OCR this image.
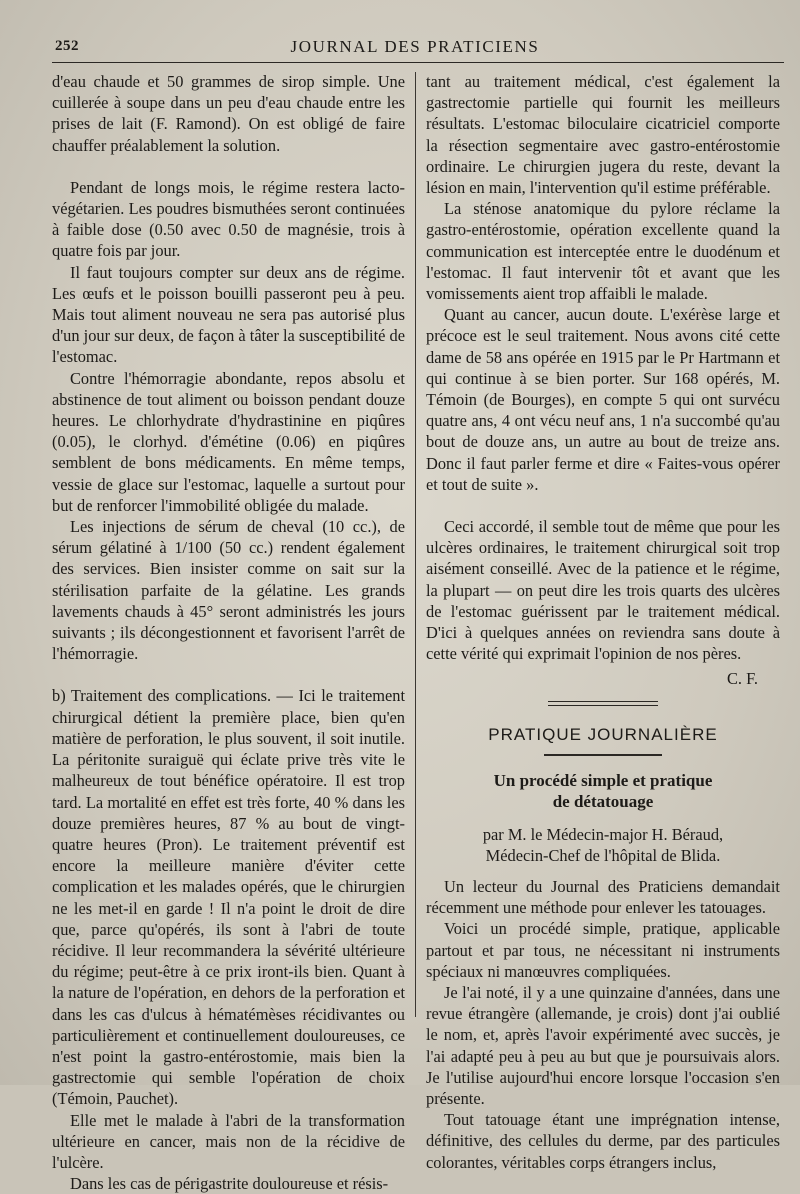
252	JOURNAL DES PRATICIENS

d'eau chaude et 50 grammes de sirop simple. Une cuillerée à soupe dans un peu d'eau chaude entre les prises de lait (F. Ramond). On est obligé de faire chauffer préalablement la solution.

Pendant de longs mois, le régime restera lacto-végétarien. Les poudres bismuthées seront continuées à faible dose (0.50 avec 0.50 de magnésie, trois à quatre fois par jour.

Il faut toujours compter sur deux ans de régime. Les œufs et le poisson bouilli passeront peu à peu. Mais tout aliment nouveau ne sera pas autorisé plus d'un jour sur deux, de façon à tâter la susceptibilité de l'estomac.

Contre l'hémorragie abondante, repos absolu et abstinence de tout aliment ou boisson pendant douze heures. Le chlorhydrate d'hydrastinine en piqûres (0.05), le clorhyd. d'émétine (0.06) en piqûres semblent de bons médicaments. En même temps, vessie de glace sur l'estomac, laquelle a surtout pour but de renforcer l'immobilité obligée du malade.

Les injections de sérum de cheval (10 cc.), de sérum gélatiné à 1/100 (50 cc.) rendent également des services. Bien insister comme on sait sur la stérilisation parfaite de la gélatine. Les grands lavements chauds à 45° seront administrés les jours suivants ; ils décongestionnent et favorisent l'arrêt de l'hémorragie.

b) Traitement des complications. — Ici le traitement chirurgical détient la première place, bien qu'en matière de perforation, le plus souvent, il soit inutile. La péritonite suraiguë qui éclate prive très vite le malheureux de tout bénéfice opératoire. Il est trop tard. La mortalité en effet est très forte, 40 % dans les douze premières heures, 87 % au bout de vingt-quatre heures (Pron). Le traitement préventif est encore la meilleure manière d'éviter cette complication et les malades opérés, que le chirurgien ne les met-il en garde ! Il n'a point le droit de dire que, parce qu'opérés, ils sont à l'abri de toute récidive. Il leur recommandera la sévérité ultérieure du régime; peut-être à ce prix iront-ils bien. Quant à la nature de l'opération, en dehors de la perforation et dans les cas d'ulcus à hématémèses récidivantes ou particulièrement et continuellement douloureuses, ce n'est point la gastro-entérostomie, mais bien la gastrectomie qui semble l'opération de choix (Témoin, Pauchet).

Elle met le malade à l'abri de la transformation ultérieure en cancer, mais non de la récidive de l'ulcère.

Dans les cas de périgastrite douloureuse et résis-

tant au traitement médical, c'est également la gastrectomie partielle qui fournit les meilleurs résultats. L'estomac biloculaire cicatriciel comporte la résection segmentaire avec gastro-entérostomie ordinaire. Le chirurgien jugera du reste, devant la lésion en main, l'intervention qu'il estime préférable.

La sténose anatomique du pylore réclame la gastro-entérostomie, opération excellente quand la communication est interceptée entre le duodénum et l'estomac. Il faut intervenir tôt et avant que les vomissements aient trop affaibli le malade.

Quant au cancer, aucun doute. L'exérèse large et précoce est le seul traitement. Nous avons cité cette dame de 58 ans opérée en 1915 par le Pr Hartmann et qui continue à se bien porter. Sur 168 opérés, M. Témoin (de Bourges), en compte 5 qui ont survécu quatre ans, 4 ont vécu neuf ans, 1 n'a succombé qu'au bout de douze ans, un autre au bout de treize ans. Donc il faut parler ferme et dire « Faites-vous opérer et tout de suite ».

Ceci accordé, il semble tout de même que pour les ulcères ordinaires, le traitement chirurgical soit trop aisément conseillé. Avec de la patience et le régime, la plupart — on peut dire les trois quarts des ulcères de l'estomac guérissent par le traitement médical. D'ici à quelques années on reviendra sans doute à cette vérité qui exprimait l'opinion de nos pères.

C. F.

PRATIQUE JOURNALIÈRE

Un procédé simple et pratique
de détatouage

par M. le Médecin-major H. Béraud,

Médecin-Chef de l'hôpital de Blida.

Un lecteur du Journal des Praticiens demandait récemment une méthode pour enlever les tatouages.

Voici un procédé simple, pratique, applicable partout et par tous, ne nécessitant ni instruments spéciaux ni manœuvres compliquées.

Je l'ai noté, il y a une quinzaine d'années, dans une revue étrangère (allemande, je crois) dont j'ai oublié le nom, et, après l'avoir expérimenté avec succès, je l'ai adapté peu à peu au but que je poursuivais alors. Je l'utilise aujourd'hui encore lorsque l'occasion s'en présente.

Tout tatouage étant une imprégnation intense, définitive, des cellules du derme, par des particules colorantes, véritables corps étrangers inclus,
